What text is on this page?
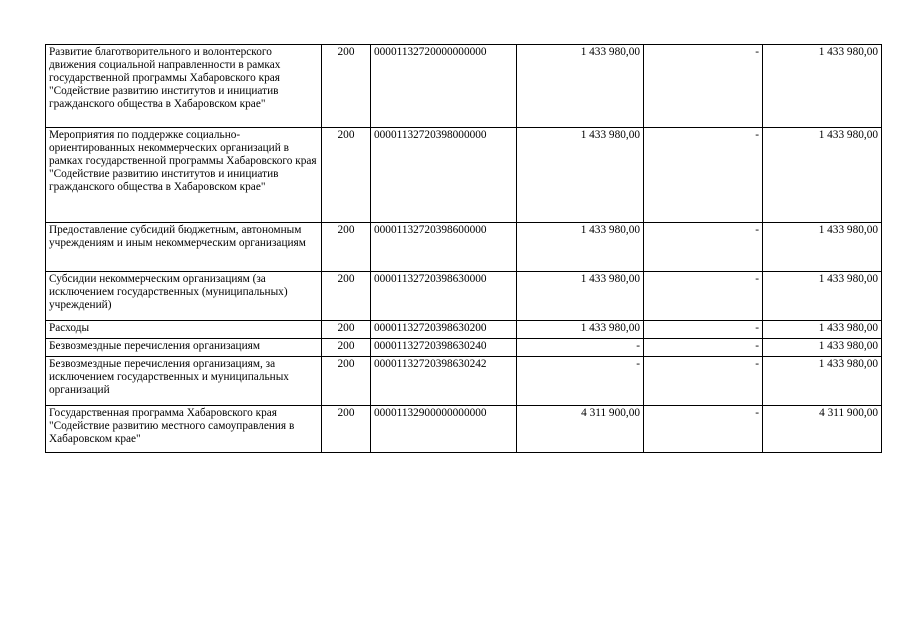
Развитие благотворительного и волонтерского движения социальной направленности в рамках государственной программы Хабаровского края "Содействие развитию институтов и инициатив гражданского общества в Хабаровском крае"	200	00001132720000000000	1 433 980,00	-	1 433 980,00
Мероприятия по поддержке социально-ориентированных некоммерческих организаций в рамках государственной программы Хабаровского края "Содействие развитию институтов и инициатив гражданского общества в Хабаровском крае"	200	00001132720398000000	1 433 980,00	-	1 433 980,00
Предоставление субсидий бюджетным, автономным учреждениям и иным некоммерческим организациям	200	00001132720398600000	1 433 980,00	-	1 433 980,00
Субсидии некоммерческим организациям (за исключением государственных (муниципальных) учреждений)	200	00001132720398630000	1 433 980,00	-	1 433 980,00
Расходы	200	00001132720398630200	1 433 980,00	-	1 433 980,00
Безвозмездные перечисления организациям	200	00001132720398630240	-	-	1 433 980,00
Безвозмездные перечисления организациям, за исключением государственных и муниципальных организаций	200	00001132720398630242	-	-	1 433 980,00
Государственная программа Хабаровского края "Содействие развитию местного самоуправления в Хабаровском крае"	200	00001132900000000000	4 311 900,00	-	4 311 900,00
